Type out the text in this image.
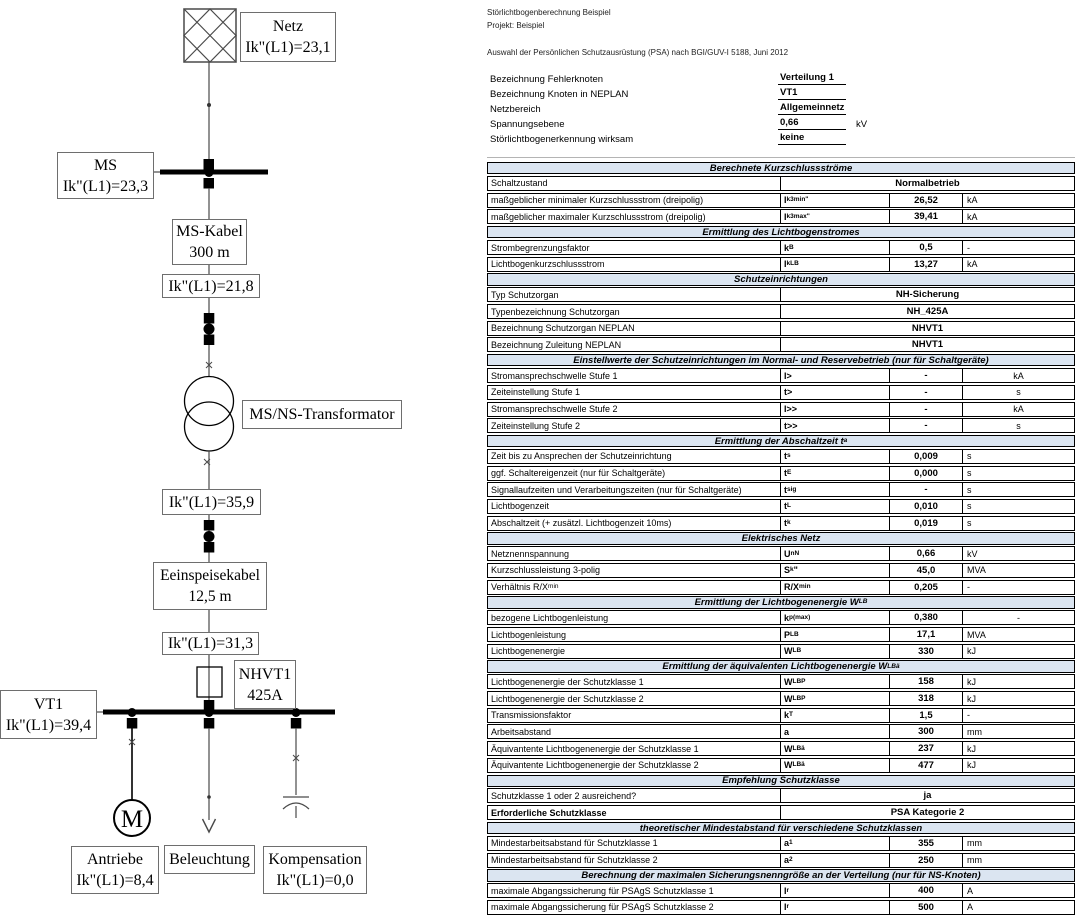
M
Netz
Ik"(L1)=23,1
MS
Ik"(L1)=23,3
MS-Kabel
300 m
Ik"(L1)=21,8
MS/NS-Transformator
Ik"(L1)=35,9
Eeinspeisekabel
12,5 m
Ik"(L1)=31,3
NHVT1
425A
VT1
Ik"(L1)=39,4
Antriebe
Ik"(L1)=8,4
Beleuchtung Kompensation
Ik"(L1)=0,0
Störlichtbogenberechnung Beispiel
Projekt: Beispiel
Auswahl der Persönlichen Schutzausrüstung (PSA) nach BGI/GUV-I 5188, Juni 2012
Bezeichnung Fehlerknoten	Verteilung 1
Bezeichnung Knoten in NEPLAN	VT1
Netzbereich	Allgemeinnetz
Spannungsebene	0,66	kV
Störlichtbogenerkennung wirksam	keine
Berechnete Kurzschlussströme
Schaltzustand	Normalbetrieb
maßgeblicher minimaler Kurzschlussstrom (dreipolig)	I k3min"	26,52	kA
maßgeblicher maximaler Kurzschlussstrom (dreipolig)	I k3max"	39,41	kA
Ermittlung des Lichtbogenstromes
Strombegrenzungsfaktor	k B	0,5	-
Lichtbogenkurzschlussstrom	I kLB	13,27	kA
Schutzeinrichtungen
Typ Schutzorgan	NH-Sicherung
Typenbezeichnung Schutzorgan	NH_425A
Bezeichnung Schutzorgan NEPLAN	NHVT1
Bezeichnung Zuleitung NEPLAN	NHVT1
Einstellwerte der Schutzeinrichtungen im Normal- und Reservebetrieb (nur für Schaltgeräte)
Stromansprechschwelle Stufe 1	I>	-	kA
Zeiteinstellung Stufe 1	t>	-	s
Stromansprechschwelle Stufe 2	I>>	-	kA
Zeiteinstellung Stufe 2	t>>	-	s
Ermittlung der Abschaltzeit t a
Zeit bis zu Ansprechen der Schutzeinrichtung	t s	0,009	s
ggf. Schaltereigenzeit (nur für Schaltgeräte)	t E	0,000	s
Signallaufzeiten und Verarbeitungszeiten (nur für Schaltgeräte)	t sig	-	s
Lichtbogenzeit	t L	0,010	s
Abschaltzeit (+ zusätzl. Lichtbogenzeit 10ms)	t k	0,019	s
Elektrisches Netz
Netznennspannung	U nN	0,66	kV
Kurzschlussleistung 3-polig	S k "	45,0	MVA
Verhältnis R/X min	R/X min	0,205	-
Ermittlung der Lichtbogenenergie W LB
bezogene Lichtbogenleistung	k p(max)	0,380	-
Lichtbogenleistung	P LB	17,1	MVA
Lichtbogenenergie	W LB	330	kJ
Ermittlung der äquivalenten Lichtbogenenergie W LBä
Lichtbogenenergie der Schutzklasse 1	W LBP	158	kJ
Lichtbogenenergie der Schutzklasse 2	W LBP	318	kJ
Transmissionsfaktor	k T	1,5	-
Arbeitsabstand	a	300	mm
Äquivantente Lichtbogenenergie der Schutzklasse 1	W LBä	237	kJ
Äquivantente Lichtbogenenergie der Schutzklasse 2	W LBä	477	kJ
Empfehlung Schutzklasse
Schutzklasse 1 oder 2 ausreichend?	ja
Erforderliche Schutzklasse	PSA Kategorie 2
theoretischer Mindestabstand für verschiedene Schutzklassen
Mindestarbeitsabstand für Schutzklasse 1	a 1	355	mm
Mindestarbeitsabstand für Schutzklasse 2	a 2	250	mm
Berechnung der maximalen Sicherungsnenngröße an der Verteilung (nur für NS-Knoten)
maximale Abgangssicherung für PSAgS Schutzklasse 1	I r	400	A
maximale Abgangssicherung für PSAgS Schutzklasse 2	I r	500	A
